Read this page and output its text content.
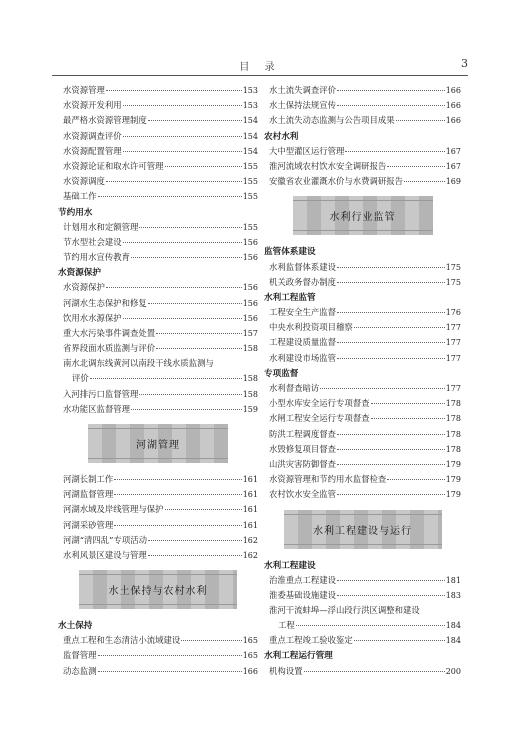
目 录	3
水资源管理	153
水资源开发利用	153
最严格水资源管理制度	154
水资源调查评价	154
水资源配置管理	154
水资源论证和取水许可管理	155
水资源调度	155
基础工作	155
节约用水
计划用水和定额管理	155
节水型社会建设	156
节约用水宣传教育	156
水资源保护
水资源保护	156
河湖水生态保护和修复	156
饮用水水源保护	156
重大水污染事件调查处置	157
省界段面水质监测与评价	158
南水北调东线黄河以南段干线水质监测与
评价	158
入河排污口监督管理	158
水功能区监督管理	159
河湖管理
河湖长制工作	161
河湖监督管理	161
河湖水域及岸线管理与保护	161
河湖采砂管理	161
河湖“清四乱”专项活动	162
水利风景区建设与管理	162
水土保持与农村水利
水土保持
重点工程和生态清洁小流域建设	165
监督管理	165
动态监测	166
水土流失调查评价	166
水土保持法规宣传	166
水土流失动态监测与公告项目成果	166
农村水利
大中型灌区运行管理	167
淮河流域农村饮水安全调研报告	167
安徽省农业灌溉水价与水费调研报告	169
水利行业监管
监管体系建设
水利监督体系建设	175
机关政务督办制度	175
水利工程监管
工程安全生产监督	176
中央水利投资项目稽察	177
工程建设质量监督	177
水利建设市场监管	177
专项监督
水利督查暗访	177
小型水库安全运行专项督查	178
水闸工程安全运行专项督查	178
防洪工程调度督查	178
水毁修复项目督查	178
山洪灾害防御督查	179
水资源管理和节约用水监督检查	179
农村饮水安全监管	179
水利工程建设与运行
水利工程建设
治淮重点工程建设	181
淮委基础设施建设	183
淮河干流蚌埠—浮山段行洪区调整和建设
工程	184
重点工程竣工验收鉴定	184
水利工程运行管理
机构设置	200
